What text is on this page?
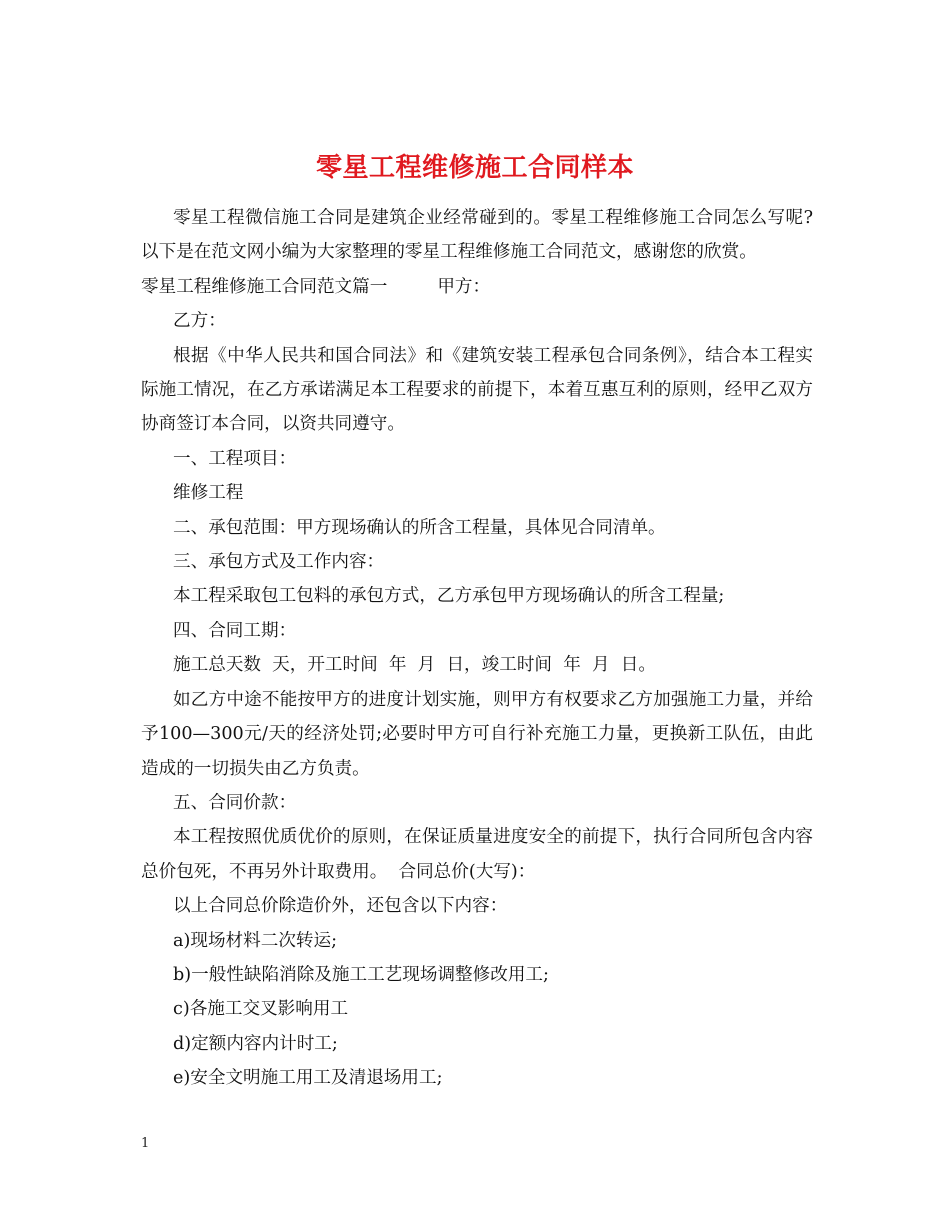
零星工程维修施工合同样本

零星工程微信施工合同是建筑企业经常碰到的。零星工程维修施工合同怎么写呢?以下是在范文网小编为大家整理的零星工程维修施工合同范文，感谢您的欣赏。

零星工程维修施工合同范文篇一	甲方：

乙方：

根据《中华人民共和国合同法》和《建筑安装工程承包合同条例》，结合本工程实际施工情况，在乙方承诺满足本工程要求的前提下，本着互惠互利的原则，经甲乙双方协商签订本合同，以资共同遵守。

一、工程项目：

维修工程

二、承包范围：甲方现场确认的所含工程量，具体见合同清单。

三、承包方式及工作内容：

本工程采取包工包料的承包方式，乙方承包甲方现场确认的所含工程量;

四、合同工期：

施工总天数  天，开工时间  年  月  日，竣工时间  年  月  日。

如乙方中途不能按甲方的进度计划实施，则甲方有权要求乙方加强施工力量，并给予100—300元/天的经济处罚;必要时甲方可自行补充施工力量，更换新工队伍，由此造成的一切损失由乙方负责。

五、合同价款：

本工程按照优质优价的原则，在保证质量进度安全的前提下，执行合同所包含内容总价包死，不再另外计取费用。  合同总价(大写)：

以上合同总价除造价外，还包含以下内容：

a)现场材料二次转运;

b)一般性缺陷消除及施工工艺现场调整修改用工;

c)各施工交叉影响用工

d)定额内容内计时工;

e)安全文明施工用工及清退场用工;

1
